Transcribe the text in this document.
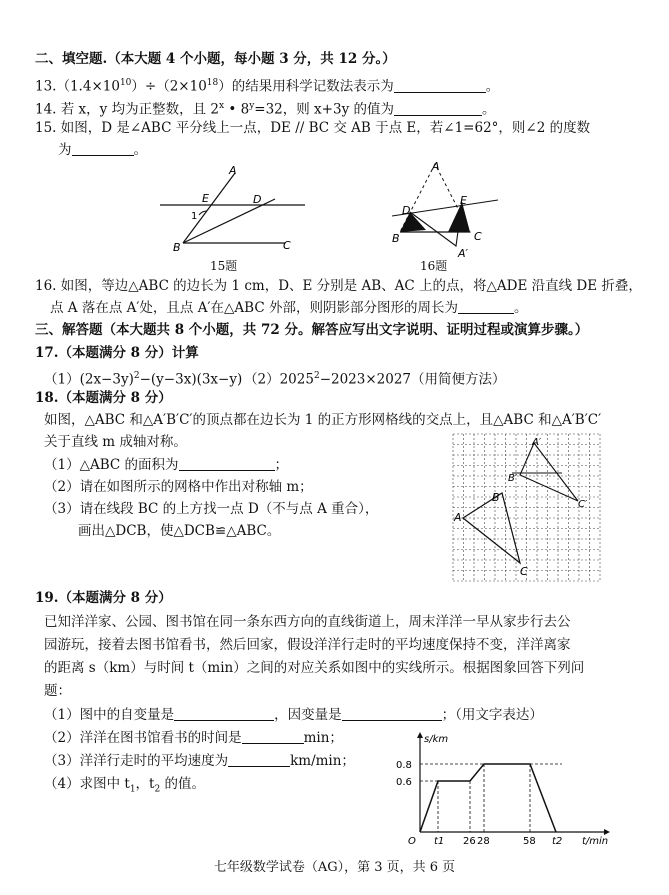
二、填空题.（本大题 4 个小题，每小题 3 分，共 12 分。）
$13.(1.4\times 10^{10})\div(2\times 10^{18})$的结果用科学记数法表示为	。
14. 若 x，y 均为正整数，且 2$^x$ • $8^y=32$，则 x+3y 的值为	。
15. 如图，D 是∠ABC 平分线上一点，DE // BC 交 AB 于点 E，若∠1=62°，则∠2 的度数
为	。
A
B	C
D
E
1
15题
A
B	C
D
E
A′
16题
16. 如图，等边△ABC 的边长为 1 cm，D、E 分别是 AB、AC 上的点，将△ADE 沿直线 DE 折叠，
点 A 落在点 A′处，且点 A′在△ABC 外部，则阴影部分图形的周长为	。
三、解答题（本大题共 8 个小题，共 72 分。解答应写出文字说明、证明过程或演算步骤。）
17.（本题满分 8 分）计算
$(1)(2x-3y)^2-(y-3x)(3x-y)$ $(2)2025^2-2023\times 2027$（用简便方法）
18.（本题满分 8 分）
如图，△ABC 和△A′B′C′的顶点都在边长为 1 的正方形网格线的交点上，且△ABC 和△A′B′C′
关于直线 m 成轴对称。
（1）△ABC 的面积为	；
（2）请在如图所示的网格中作出对称轴 m；
（3）请在线段 BC 的上方找一点 D（不与点 A 重合），
画出△DCB，使△DCB≌△ABC。
A
B
C
A′
B′
C′
19.（本题满分 8 分）
已知洋洋家、公园、图书馆在同一条东西方向的直线街道上，周末洋洋一早从家步行去公
园游玩，接着去图书馆看书，然后回家，假设洋洋行走时的平均速度保持不变，洋洋离家
的距离 s（km）与时间 t（min）之间的对应关系如图中的实线所示。根据图象回答下列问
题：
（1）图中的自变量是	，因变量是	；（用文字表达）
（2）洋洋在图书馆看书的时间是	min；
（3）洋洋行走时的平均速度为	km/min；
（4）求图中 $t_1$，$t_2$ 的值。
s/km
t/min
O
0.6
0.8
t1 26 28	58 t2
七年级数学试卷（AG），第 3 页，共 6 页
